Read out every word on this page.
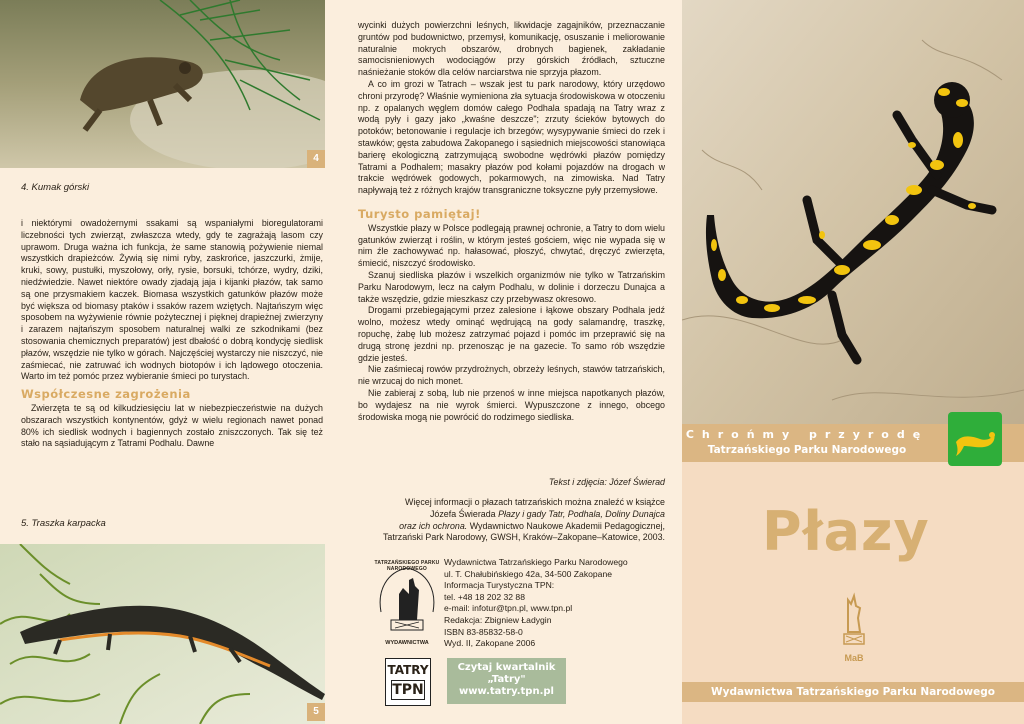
4
4. Kumak górski

i niektórymi owadożernymi ssakami są wspaniałymi bioregulatorami liczebności tych zwierząt, zwłaszcza wtedy, gdy te zagrażają lasom czy uprawom. Druga ważna ich funkcja, że same stanowią pożywienie niemal wszystkich drapieżców. Żywią się nimi ryby, zaskrońce, jaszczurki, żmije, kruki, sowy, pustułki, myszołowy, orły, rysie, borsuki, tchórze, wydry, dziki, niedźwiedzie. Nawet niektóre owady zjadają jaja i kijanki płazów, tak samo są one przysmakiem kaczek. Biomasa wszystkich gatunków płazów może być większa od biomasy ptaków i ssaków razem wziętych. Najtańszym więc sposobem na wyżywienie równie pożytecznej i pięknej drapieżnej zwierzyny i zarazem najtańszym sposobem naturalnej walki ze szkodnikami (bez stosowania chemicznych preparatów) jest dbałość o dobrą kondycję siedlisk płazów, wszędzie nie tylko w górach. Najczęściej wystarczy nie niszczyć, nie zaśmiecać, nie zatruwać ich wodnych biotopów i ich lądowego otoczenia. Warto im też pomóc przez wybieranie śmieci po turystach.

Współczesne zagrożenia

Zwierzęta te są od kilkudziesięciu lat w niebezpieczeństwie na dużych obszarach wszystkich kontynentów, gdyż w wielu regionach nawet ponad 80% ich siedlisk wodnych i bagiennych zostało zniszczonych. Tak się też stało na sąsiadującym z Tatrami Podhalu. Dawne

5. Traszka karpacka
5

wycinki dużych powierzchni leśnych, likwidacje zagajników, przeznaczanie gruntów pod budownictwo, przemysł, komunikację, osuszanie i meliorowanie naturalnie mokrych obszarów, drobnych bagienek, zakładanie samocisnieniowych wodociągów przy górskich źródłach, sztuczne naśnieżanie stoków dla celów narciarstwa nie sprzyja płazom.

A co im grozi w Tatrach – wszak jest tu park narodowy, który urzędowo chroni przyrodę? Właśnie wymieniona zła sytuacja środowiskowa w otoczeniu np. z opalanych węglem domów całego Podhala spadają na Tatry wraz z wodą pyły i gazy jako „kwaśne deszcze"; zrzuty ścieków bytowych do potoków; betonowanie i regulacje ich brzegów; wysypywanie śmieci do rzek i stawków; gęsta zabudowa Zakopanego i sąsiednich miejscowości stanowiąca barierę ekologiczną zatrzymującą swobodne wędrówki płazów pomiędzy Tatrami a Podhalem; masakry płazów pod kołami pojazdów na drogach w trakcie wędrówek godowych, pokarmowych, na zimowiska. Nad Tatry napływają też z różnych krajów transgraniczne toksyczne pyły przemysłowe.

Turysto pamiętaj!

Wszystkie płazy w Polsce podlegają prawnej ochronie, a Tatry to dom wielu gatunków zwierząt i roślin, w którym jesteś gościem, więc nie wypada się w nim źle zachowywać np. hałasować, płoszyć, chwytać, dręczyć zwierzęta, śmiecić, niszczyć środowisko.

Szanuj siedliska płazów i wszelkich organizmów nie tylko w Tatrzańskim Parku Narodowym, lecz na całym Podhalu, w dolinie i dorzeczu Dunajca a także wszędzie, gdzie mieszkasz czy przebywasz okresowo.

Drogami przebiegającymi przez zalesione i łąkowe obszary Podhala jedź wolno, możesz wtedy ominąć wędrującą na gody salamandrę, traszkę, ropuchę, żabę lub możesz zatrzymać pojazd i pomóc im przeprawić się na drugą stronę jezdni np. przenosząc je na gazecie. To samo rób wszędzie gdzie jesteś.

Nie zaśmiecaj rowów przydrożnych, obrzeży leśnych, stawów tatrzańskich, nie wrzucaj do nich monet.

Nie zabieraj z sobą, lub nie przenoś w inne miejsca napotkanych płazów, bo wydajesz na nie wyrok śmierci. Wypuszczone z innego, obcego środowiska mogą nie powrócić do rodzimego siedliska.

Tekst i zdjęcia: Józef Świerad
Więcej informacji o płazach tatrzańskich można znaleźć w książce
Józefa Świerada Płazy i gady Tatr, Podhala, Doliny Dunajca
oraz ich ochrona. Wydawnictwo Naukowe Akademii Pedagogicznej,
Tatrzański Park Narodowy, GWSH, Kraków–Zakopane–Katowice, 2003.
TATRZAŃSKIEGO PARKU NARODOWEGO
WYDAWNICTWA
Wydawnictwa Tatrzańskiego Parku Narodowego
ul. T. Chałubińskiego 42a, 34-500 Zakopane
Informacja Turystyczna TPN:
tel. +48 18 202 32 88
e-mail: infotur@tpn.pl, www.tpn.pl
Redakcja: Zbigniew Ładygin
ISBN 83-85832-58-0
Wyd. II, Zakopane 2006
TATRY
TPN
Czytaj kwartalnik
„Tatry"
www.tatry.tpn.pl
Chrońmy przyrodę
Tatrzańskiego Parku Narodowego
Płazy
MaB
Wydawnictwa Tatrzańskiego Parku Narodowego
